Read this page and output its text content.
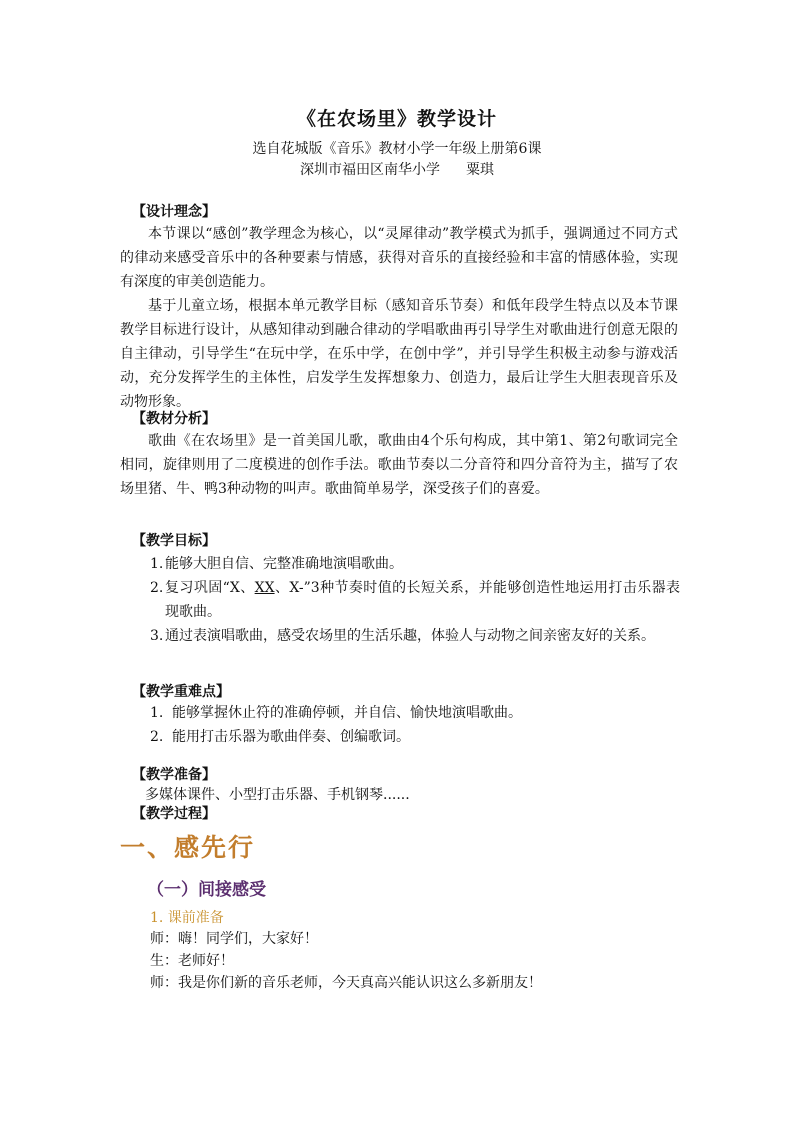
《在农场里》教学设计
选自花城版《音乐》教材小学一年级上册第6课
深圳市福田区南华小学 粟琪
【设计理念】

本节课以“感创”教学理念为核心，以“灵犀律动”教学模式为抓手，强调通过不同方式的律动来感受音乐中的各种要素与情感，获得对音乐的直接经验和丰富的情感体验，实现有深度的审美创造能力。

基于儿童立场，根据本单元教学目标（感知音乐节奏）和低年段学生特点以及本节课教学目标进行设计，从感知律动到融合律动的学唱歌曲再引导学生对歌曲进行创意无限的自主律动，引导学生“在玩中学，在乐中学，在创中学”，并引导学生积极主动参与游戏活动，充分发挥学生的主体性，启发学生发挥想象力、创造力，最后让学生大胆表现音乐及动物形象。

【教材分析】

歌曲《在农场里》是一首美国儿歌，歌曲由4个乐句构成，其中第1、第2句歌词完全相同，旋律则用了二度模进的创作手法。歌曲节奏以二分音符和四分音符为主，描写了农场里猪、牛、鸭3种动物的叫声。歌曲简单易学，深受孩子们的喜爱。

【教学目标】
1. 能够大胆自信、完整准确地演唱歌曲。
2. 复习巩固“X、XX、X-”3种节奏时值的长短关系，并能够创造性地运用打击乐器表现歌曲。
3. 通过表演唱歌曲，感受农场里的生活乐趣，体验人与动物之间亲密友好的关系。
【教学重难点】
1. 能够掌握休止符的准确停顿，并自信、愉快地演唱歌曲。
2. 能用打击乐器为歌曲伴奏、创编歌词。
【教学准备】
多媒体课件、小型打击乐器、手机钢琴......
【教学过程】
一、感先行
（一）间接感受
1. 课前准备
师：嗨！同学们，大家好！
生：老师好！
师：我是你们新的音乐老师，今天真高兴能认识这么多新朋友！
